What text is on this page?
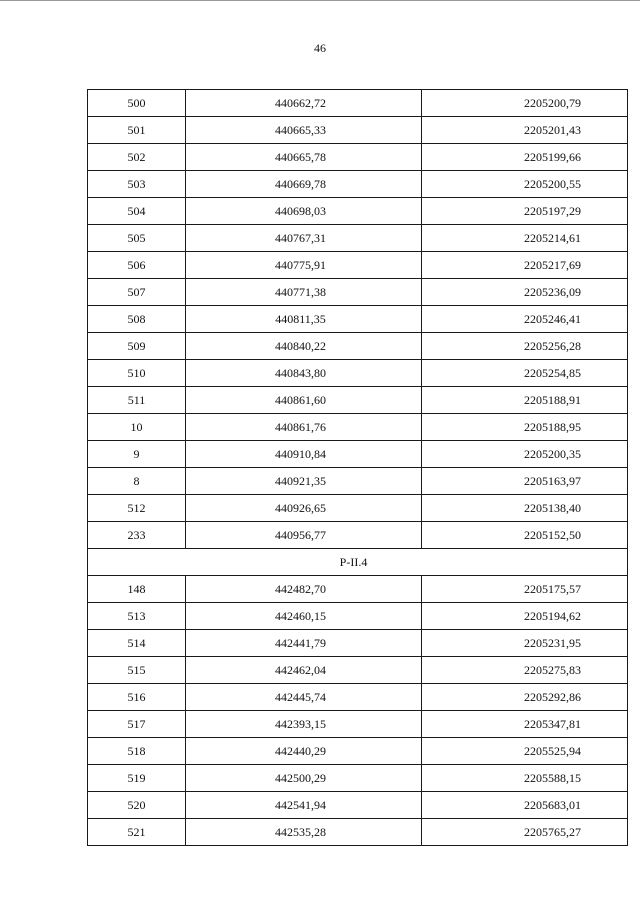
46
500	440662,72	2205200,79
501	440665,33	2205201,43
502	440665,78	2205199,66
503	440669,78	2205200,55
504	440698,03	2205197,29
505	440767,31	2205214,61
506	440775,91	2205217,69
507	440771,38	2205236,09
508	440811,35	2205246,41
509	440840,22	2205256,28
510	440843,80	2205254,85
511	440861,60	2205188,91
10	440861,76	2205188,95
9	440910,84	2205200,35
8	440921,35	2205163,97
512	440926,65	2205138,40
233	440956,77	2205152,50
P-II.4		
148	442482,70	2205175,57
513	442460,15	2205194,62
514	442441,79	2205231,95
515	442462,04	2205275,83
516	442445,74	2205292,86
517	442393,15	2205347,81
518	442440,29	2205525,94
519	442500,29	2205588,15
520	442541,94	2205683,01
521	442535,28	2205765,27
